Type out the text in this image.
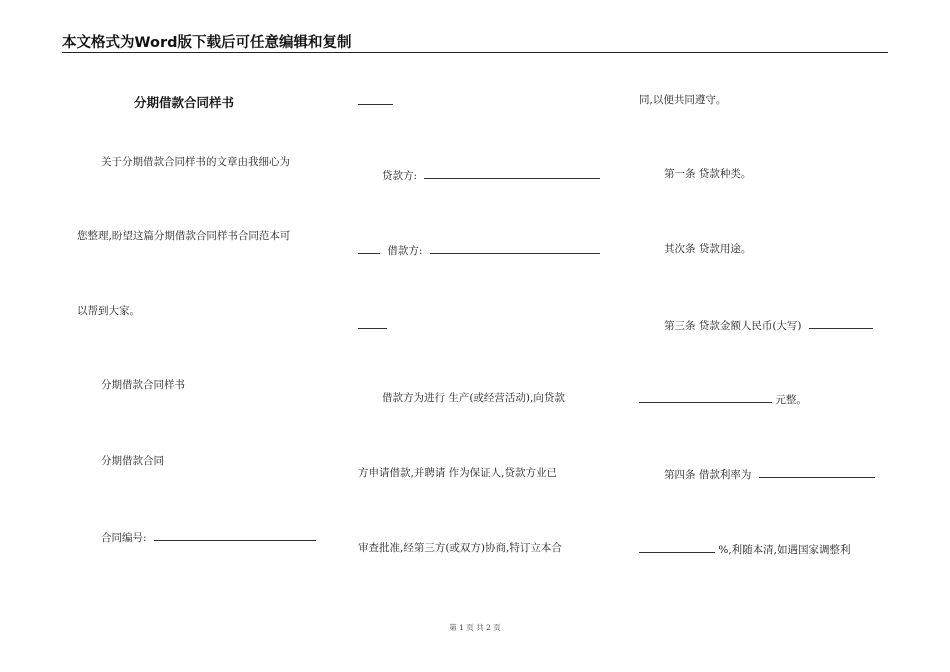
本文格式为Word版下载后可任意编辑和复制
分期借款合同样书
关于分期借款合同样书的文章由我细心为
您整理,盼望这篇分期借款合同样书合同范本可
以帮到大家。
分期借款合同样书
分期借款合同
合同编号:
贷款方:
借款方:
借款方为进行 生产(或经营活动),向贷款
方申请借款,并聘请 作为保证人,贷款方业已
审查批准,经第三方(或双方)协商,特订立本合
同,以便共同遵守。
第一条 贷款种类。
其次条 贷款用途。
第三条 贷款金额人民币(大写)
元整。
第四条 借款利率为
%,利随本清,如遇国家调整利
第 1 页 共 2 页
